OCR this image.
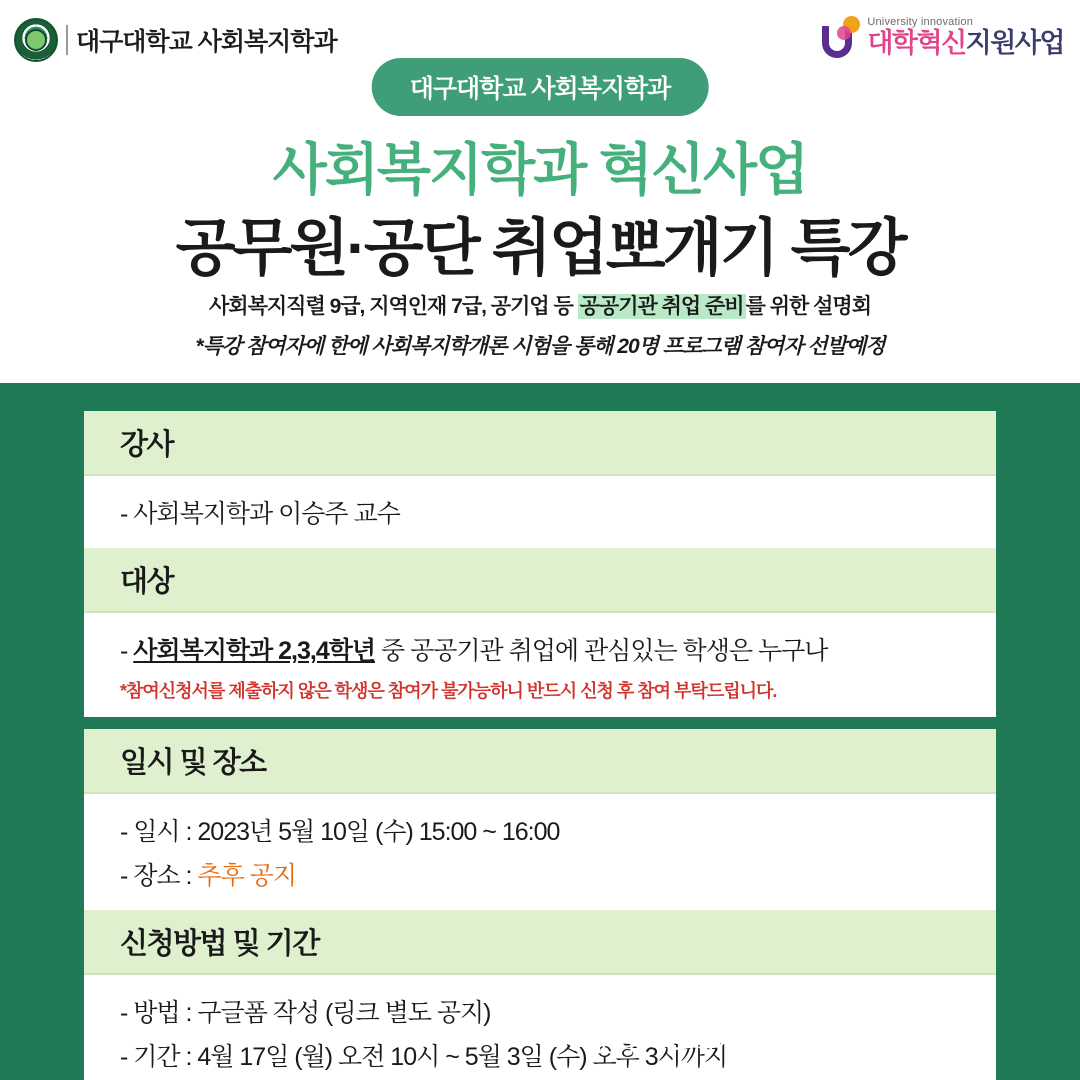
대구대학교 사회복지학과
University innovation
대학혁신지원사업
대구대학교 사회복지학과
사회복지학과 혁신사업
공무원·공단 취업뽀개기 특강
사회복지직렬 9급, 지역인재 7급, 공기업 등 공공기관 취업 준비를 위한 설명회
*특강 참여자에 한에 사회복지학개론 시험을 통해 20명 프로그램 참여자 선발예정
강사
- 사회복지학과 이승주 교수
대상
- 사회복지학과 2,3,4학년 중 공공기관 취업에 관심있는 학생은 누구나
*참여신청서를 제출하지 않은 학생은 참여가 불가능하니 반드시 신청 후 참여 부탁드립니다.
일시 및 장소
- 일시 : 2023년 5월 10일 (수) 15:00 ~ 16:00
- 장소 : 추후 공지
신청방법 및 기간
- 방법 : 구글폼 작성 (링크 별도 공지)
- 기간 : 4월 17일 (월) 오전 10시 ~ 5월 3일 (수) 오후 3시까지
문의 : 사회복지학과 사무실 (053.850.6310)
